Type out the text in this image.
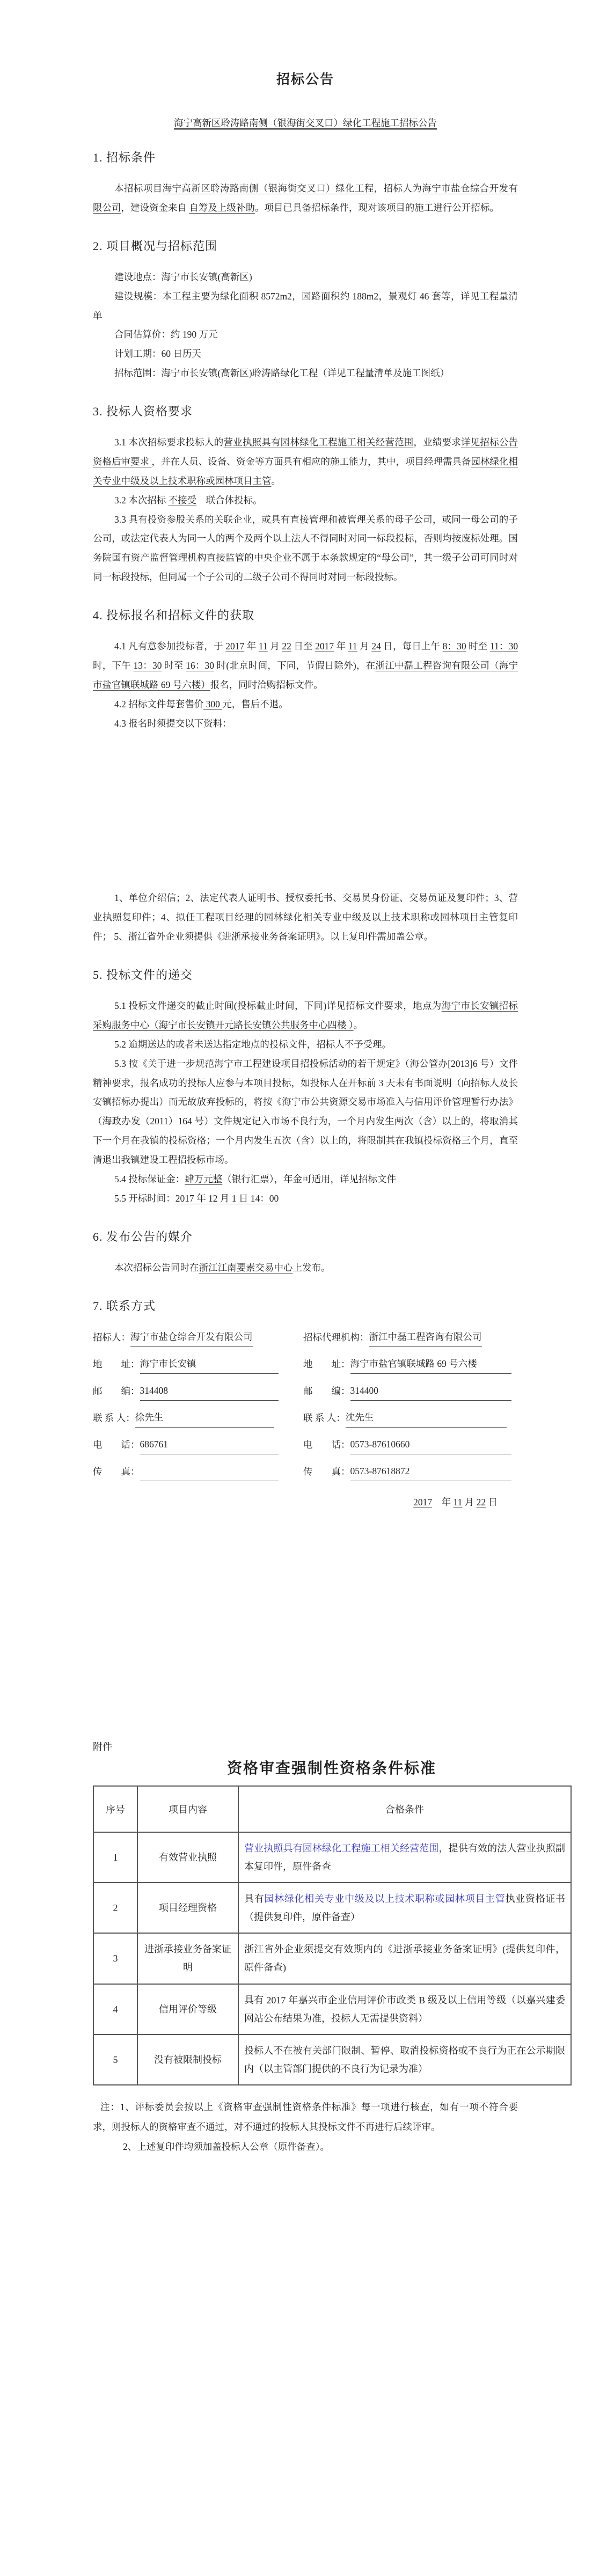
招标公告
海宁高新区聆涛路南侧（银海街交叉口）绿化工程施工招标公告
1. 招标条件

本招标项目海宁高新区聆涛路南侧（银海街交叉口）绿化工程，招标人为海宁市盐仓综合开发有限公司，建设资金来自 自筹及上级补助。项目已具备招标条件，现对该项目的施工进行公开招标。

2. 项目概况与招标范围

建设地点：海宁市长安镇(高新区)

建设规模：本工程主要为绿化面积 8572m2，园路面积约 188m2，景观灯 46 套等，详见工程量清单

合同估算价：约 190 万元

计划工期：60 日历天

招标范围：海宁市长安镇(高新区)聆涛路绿化工程（详见工程量清单及施工图纸）

3. 投标人资格要求

3.1 本次招标要求投标人的营业执照具有园林绿化工程施工相关经营范围，业绩要求详见招标公告资格后审要求 ，并在人员、设备、资金等方面具有相应的施工能力，其中，项目经理需具备园林绿化相关专业中级及以上技术职称或园林项目主管。

3.2 本次招标 不接受　联合体投标。

3.3 具有投资参股关系的关联企业，或具有直接管理和被管理关系的母子公司，或同一母公司的子公司，或法定代表人为同一人的两个及两个以上法人不得同时对同一标段投标，否则均按废标处理。国务院国有资产监督管理机构直接监管的中央企业不属于本条款规定的“母公司”，其一级子公司可同时对同一标段投标，但同属一个子公司的二级子公司不得同时对同一标段投标。

4. 投标报名和招标文件的获取

4.1 凡有意参加投标者，于 2017 年 11 月 22 日至 2017 年 11 月 24 日，每日上午 8：30 时至 11：30 时，下午 13：30 时至 16：30 时(北京时间，下同，节假日除外)，在浙江中磊工程咨询有限公司（海宁市盐官镇联城路 69 号六楼）报名，同时洽购招标文件。

4.2 招标文件每套售价 300 元，售后不退。

4.3 报名时须提交以下资料：

1、单位介绍信；2、法定代表人证明书、授权委托书、交易员身份证、交易员证及复印件；3、营业执照复印件；4、拟任工程项目经理的园林绿化相关专业中级及以上技术职称或园林项目主管复印件； 5、浙江省外企业须提供《进浙承接业务备案证明》。以上复印件需加盖公章。

5. 投标文件的递交

5.1 投标文件递交的截止时间(投标截止时间，下同)详见招标文件要求，地点为海宁市长安镇招标采购服务中心（海宁市长安镇开元路长安镇公共服务中心四楼 ）。

5.2 逾期送达的或者未送达指定地点的投标文件，招标人不予受理。

5.3 按《关于进一步规范海宁市工程建设项目招投标活动的若干规定》（海公管办[2013]6 号）文件精神要求，报名成功的投标人应参与本项目投标，如投标人在开标前 3 天未有书面说明（向招标人及长安镇招标办提出）而无故放弃投标的，将按《海宁市公共资源交易市场准入与信用评价管理暂行办法》（海政办发（2011）164 号）文件规定记入市场不良行为，一个月内发生两次（含）以上的，将取消其下一个月在我镇的投标资格；一个月内发生五次（含）以上的，将限制其在我镇投标资格三个月，直至清退出我镇建设工程招投标市场。

5.4 投标保证金：肆万元整（银行汇票），年金可适用，详见招标文件

5.5 开标时间：2017 年 12 月 1 日 14：00

6. 发布公告的媒介

本次招标公告同时在浙江江南要素交易中心上发布。

7. 联系方式
招标人： 海宁市盐仓综合开发有限公司	招标代理机构： 浙江中磊工程咨询有限公司
地　　址： 海宁市长安镇	地　　址： 海宁市盐官镇联城路 69 号六楼
邮　　编： 314408	邮　　编： 314400
联 系 人： 徐先生	联 系 人： 沈先生
电　　话： 686761	电　　话： 0573-87610660
传　　真：	传　　真： 0573-87618872
2017　年 11 月 22 日

附件

资格审查强制性资格条件标准
序号	项目内容	合格条件
1	有效营业执照	营业执照具有园林绿化工程施工相关经营范围，提供有效的法人营业执照副本复印件，原件备查
2	项目经理资格	具有园林绿化相关专业中级及以上技术职称或园林项目主管执业资格证书（提供复印件，原件备查）
3	进浙承接业务备案证明	浙江省外企业须提交有效期内的《进浙承接业务备案证明》(提供复印件，原件备查)
4	信用评价等级	具有 2017 年嘉兴市企业信用评价市政类 B 级及以上信用等级（以嘉兴建委网站公布结果为准，投标人无需提供资料）
5	没有被限制投标	投标人不在被有关部门限制、暂停、取消投标资格或不良行为正在公示期限内（以主管部门提供的不良行为记录为准）

注：1、评标委员会按以上《资格审查强制性资格条件标准》每一项进行核查，如有一项不符合要求，则投标人的资格审查不通过，对不通过的投标人其投标文件不再进行后续评审。

2、上述复印件均须加盖投标人公章（原件备查）。
